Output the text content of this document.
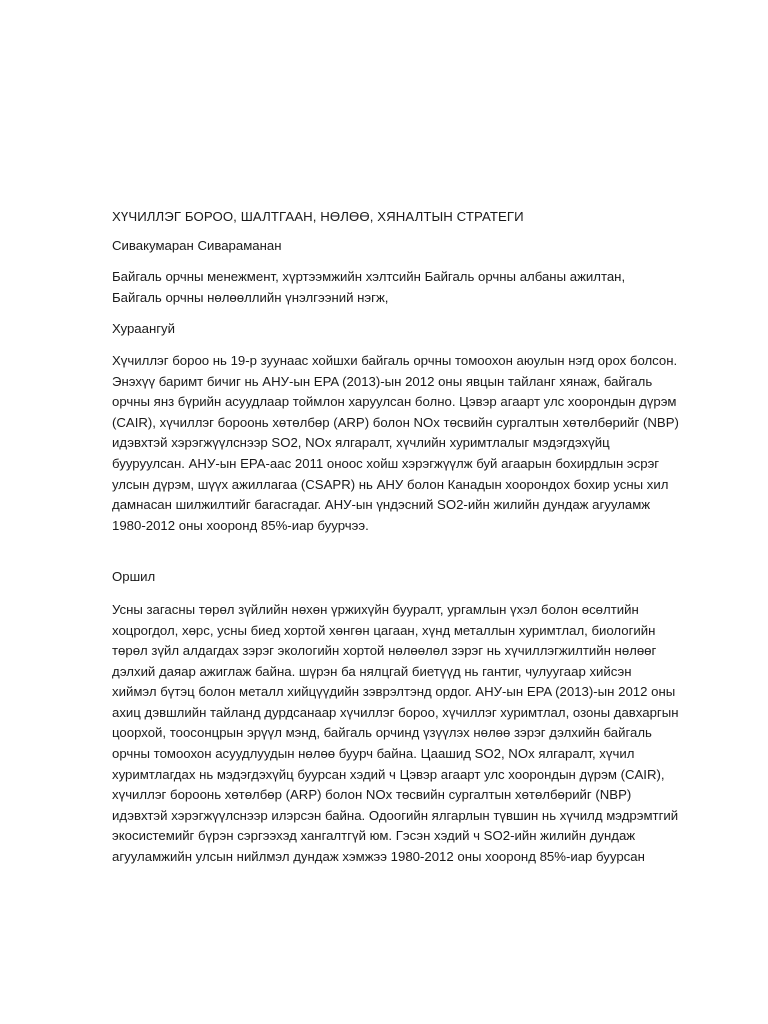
ХҮЧИЛЛЭГ БОРОО, ШАЛТГААН, НӨЛӨӨ, ХЯНАЛТЫН СТРАТЕГИ

Сивакумаран Сивараманан

Байгаль орчны менежмент, хүртээмжийн хэлтсийн Байгаль орчны албаны ажилтан,

Байгаль орчны нөлөөллийн үнэлгээний нэгж,

Хураангуй

Хүчиллэг бороо нь 19-р зуунаас хойшхи байгаль орчны томоохон аюулын нэгд орох болсон.

Энэхүү баримт бичиг нь АНУ-ын EPA (2013)-ын 2012 оны явцын тайланг хянаж, байгаль

орчны янз бүрийн асуудлаар тоймлон харуулсан болно. Цэвэр агаарт улс хоорондын дүрэм

(CAIR), хүчиллэг бороонь хөтөлбөр (ARP) болон NOx төсвийн сургалтын хөтөлбөрийг (NBP)

идэвхтэй хэрэгжүүлснээр SO2, NOx ялгаралт, хүчлийн хуримтлалыг мэдэгдэхүйц

бууруулсан. АНУ-ын EPA-аас 2011 оноос хойш хэрэгжүүлж буй агаарын бохирдлын эсрэг

улсын дүрэм, шүүх ажиллагаа (CSAPR) нь АНУ болон Канадын хоорондох бохир усны хил

дамнасан шилжилтийг багасгадаг. АНУ-ын үндэсний SO2-ийн жилийн дундаж агууламж

1980-2012 оны хооронд 85%-иар буурчээ.

Оршил

Усны загасны төрөл зүйлийн нөхөн үржихүйн бууралт, ургамлын үхэл болон өсөлтийн

хоцрогдол, хөрс, усны биед хортой хөнгөн цагаан, хүнд металлын хуримтлал, биологийн

төрөл зүйл алдагдах зэрэг экологийн хортой нөлөөлөл зэрэг нь хүчиллэгжилтийн нөлөөг

дэлхий даяар ажиглаж байна. шүрэн ба нялцгай биетүүд нь гантиг, чулуугаар хийсэн

хиймэл бүтэц болон металл хийцүүдийн зэврэлтэнд ордог. АНУ-ын EPA (2013)-ын 2012 оны

ахиц дэвшлийн тайланд дурдсанаар хүчиллэг бороо, хүчиллэг хуримтлал, озоны давхаргын

цоорхой, тоосонцрын эрүүл мэнд, байгаль орчинд үзүүлэх нөлөө зэрэг дэлхийн байгаль

орчны томоохон асуудлуудын нөлөө буурч байна. Цаашид SO2, NOx ялгаралт, хүчил

хуримтлагдах нь мэдэгдэхүйц буурсан хэдий ч Цэвэр агаарт улс хоорондын дүрэм (CAIR),

хүчиллэг бороонь хөтөлбөр (ARP) болон NOx төсвийн сургалтын хөтөлбөрийг (NBP)

идэвхтэй хэрэгжүүлснээр илэрсэн байна. Одоогийн ялгарлын түвшин нь хүчилд мэдрэмтгий

экосистемийг бүрэн сэргээхэд хангалтгүй юм. Гэсэн хэдий ч SO2-ийн жилийн дундаж

агууламжийн улсын нийлмэл дундаж хэмжээ 1980-2012 оны хооронд 85%-иар буурсан
